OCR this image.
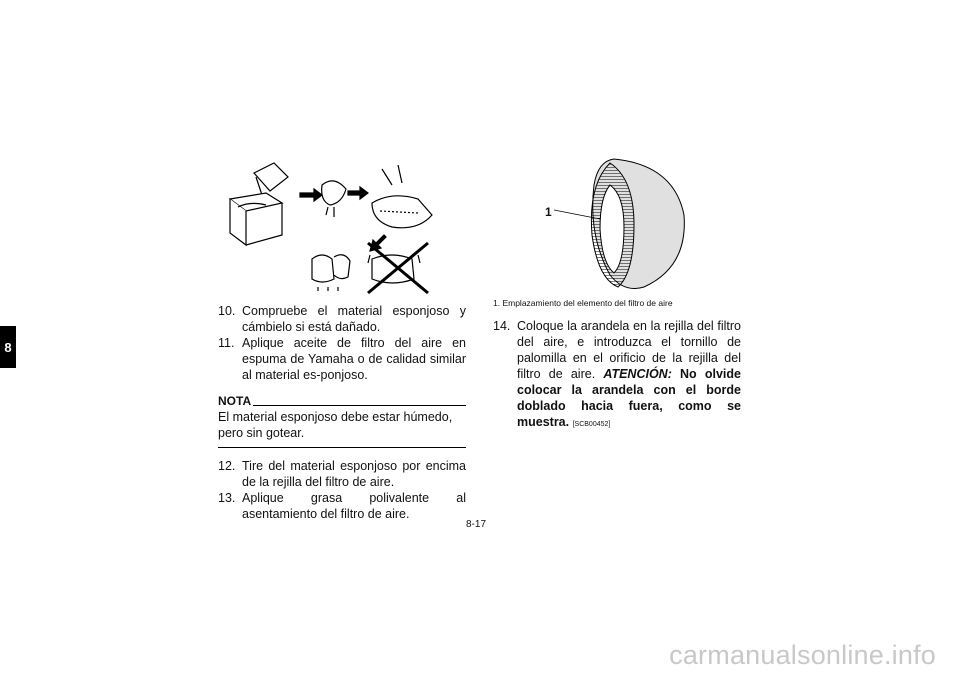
8
1
10. Compruebe el material esponjoso y cámbielo si está dañado.
11. Aplique aceite de filtro del aire en espuma de Yamaha o de calidad similar al material es-ponjoso.
NOTA
El material esponjoso debe estar húmedo, pero sin gotear.
12. Tire del material esponjoso por encima de la rejilla del filtro de aire.
13. Aplique grasa polivalente al asentamiento del filtro de aire.
1. Emplazamiento del elemento del filtro de aire
14. Coloque la arandela en la rejilla del filtro del aire, e introduzca el tornillo de palomilla en el orificio de la rejilla del filtro de aire. ATENCIÓN: No olvide colocar la arandela con el borde doblado hacia fuera, como se muestra. [SCB00452]
8-17
carmanualsonline.info
